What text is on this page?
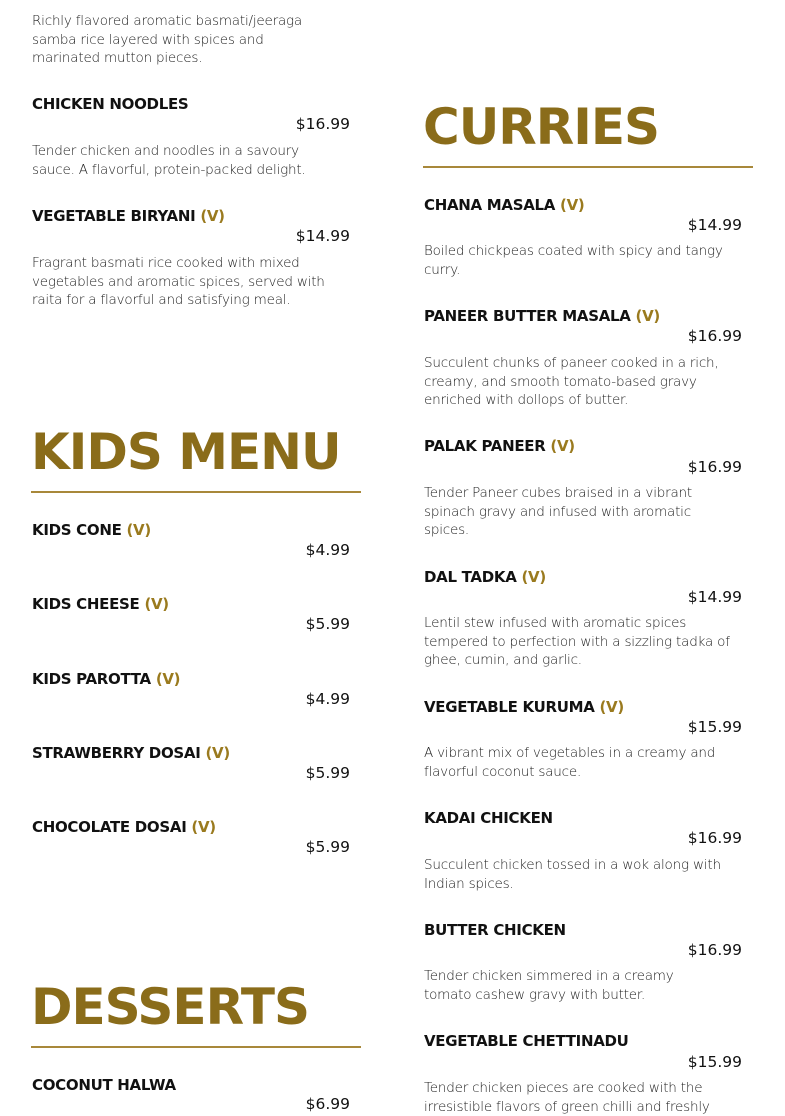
Richly flavored aromatic basmati/jeeraga samba rice layered with spices and marinated mutton pieces.
CHICKEN NOODLES
$16.99
Tender chicken and noodles in a savoury sauce. A flavorful, protein-packed delight.
VEGETABLE BIRYANI (V)
$14.99
Fragrant basmati rice cooked with mixed vegetables and aromatic spices, served with raita for a flavorful and satisfying meal.
KIDS MENU
KIDS CONE (V)
$4.99
KIDS CHEESE (V)
$5.99
KIDS PAROTTA (V)
$4.99
STRAWBERRY DOSAI (V)
$5.99
CHOCOLATE DOSAI (V)
$5.99
DESSERTS
COCONUT HALWA
$6.99
CURRIES
CHANA MASALA (V)
$14.99
Boiled chickpeas coated with spicy and tangy curry.
PANEER BUTTER MASALA (V)
$16.99
Succulent chunks of paneer cooked in a rich, creamy, and smooth tomato-based gravy enriched with dollops of butter.
PALAK PANEER (V)
$16.99
Tender Paneer cubes braised in a vibrant spinach gravy and infused with aromatic spices.
DAL TADKA (V)
$14.99
Lentil stew infused with aromatic spices tempered to perfection with a sizzling tadka of ghee, cumin, and garlic.
VEGETABLE KURUMA (V)
$15.99
A vibrant mix of vegetables in a creamy and flavorful coconut sauce.
KADAI CHICKEN
$16.99
Succulent chicken tossed in a wok along with Indian spices.
BUTTER CHICKEN
$16.99
Tender chicken simmered in a creamy tomato cashew gravy with butter.
VEGETABLE CHETTINADU
$15.99
Tender chicken pieces are cooked with the irresistible flavors of green chilli and freshly
